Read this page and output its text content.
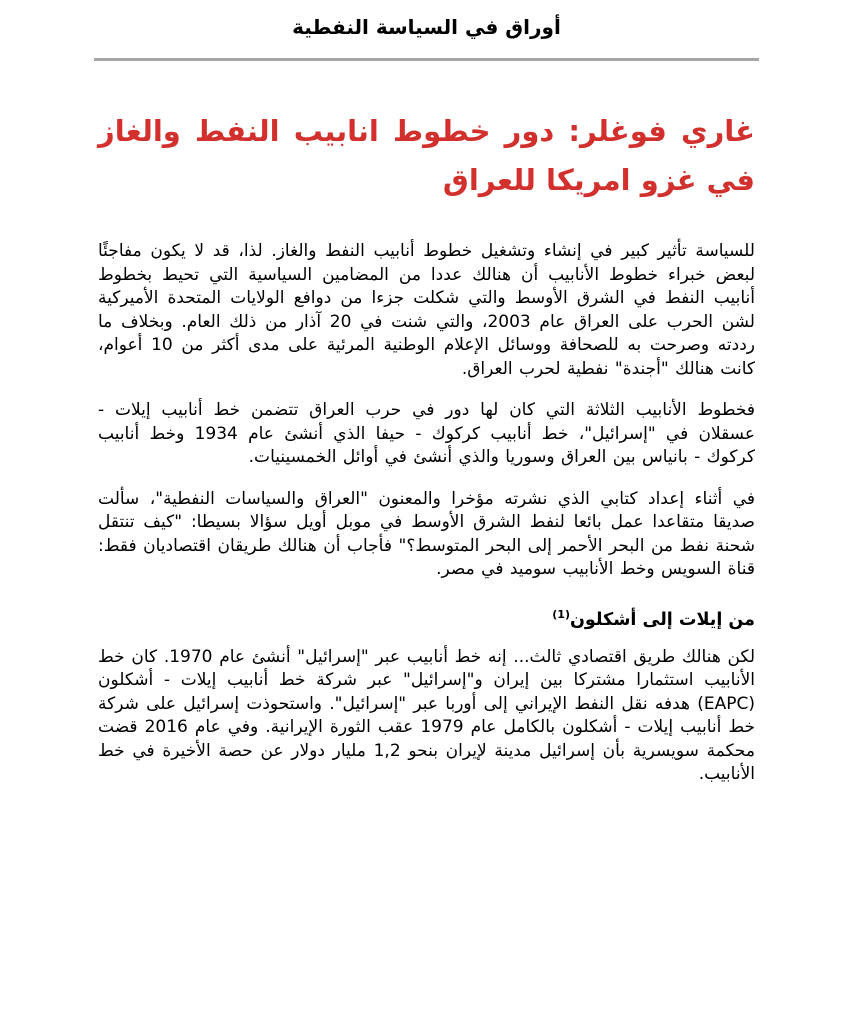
أوراق في السياسة النفطية
غاري فوغلر: دور خطوط انابيب النفط والغاز في غزو امريكا للعراق

للسياسة تأثير كبير في إنشاء وتشغيل خطوط أنابيب النفط والغاز. لذا، قد لا يكون مفاجئًا لبعض خبراء خطوط الأنابيب أن هنالك عددا من المضامين السياسية التي تحيط بخطوط أنابيب النفط في الشرق الأوسط والتي شكلت جزءا من دوافع الولايات المتحدة الأميركية لشن الحرب على العراق عام 2003، والتي شنت في 20 آذار من ذلك العام. وبخلاف ما رددته وصرحت به للصحافة ووسائل الإعلام الوطنية المرئية على مدى أكثر من 10 أعوام، كانت هنالك "أجندة" نفطية لحرب العراق.

فخطوط الأنابيب الثلاثة التي كان لها دور في حرب العراق تتضمن خط أنابيب إيلات - عسقلان في "إسرائيل"، خط أنابيب كركوك - حيفا الذي أنشئ عام 1934 وخط أنابيب كركوك - بانياس بين العراق وسوريا والذي أنشئ في أوائل الخمسينيات.

في أثناء إعداد كتابي الذي نشرته مؤخرا والمعنون "العراق والسياسات النفطية"، سألت صديقا متقاعدا عمل بائعا لنفط الشرق الأوسط في موبل أويل سؤالا بسيطا: "كيف تنتقل شحنة نفط من البحر الأحمر إلى البحر المتوسط؟" فأجاب أن هنالك طريقان اقتصاديان فقط: قناة السويس وخط الأنابيب سوميد في مصر.

من إيلات إلى أشكلون$^{(1)}$

لكن هنالك طريق اقتصادي ثالث... إنه خط أنابيب عبر "إسرائيل" أنشئ عام 1970. كان خط الأنابيب استثمارا مشتركا بين إيران و"إسرائيل" عبر شركة خط أنابيب إيلات - أشكلون (EAPC) هدفه نقل النفط الإيراني إلى أوربا عبر "إسرائيل". واستحوذت إسرائيل على شركة خط أنابيب إيلات - أشكلون بالكامل عام 1979 عقب الثورة الإيرانية. وفي عام 2016 قضت محكمة سويسرية بأن إسرائيل مدينة لإيران بنحو 1,2 مليار دولار عن حصة الأخيرة في خط الأنابيب.
